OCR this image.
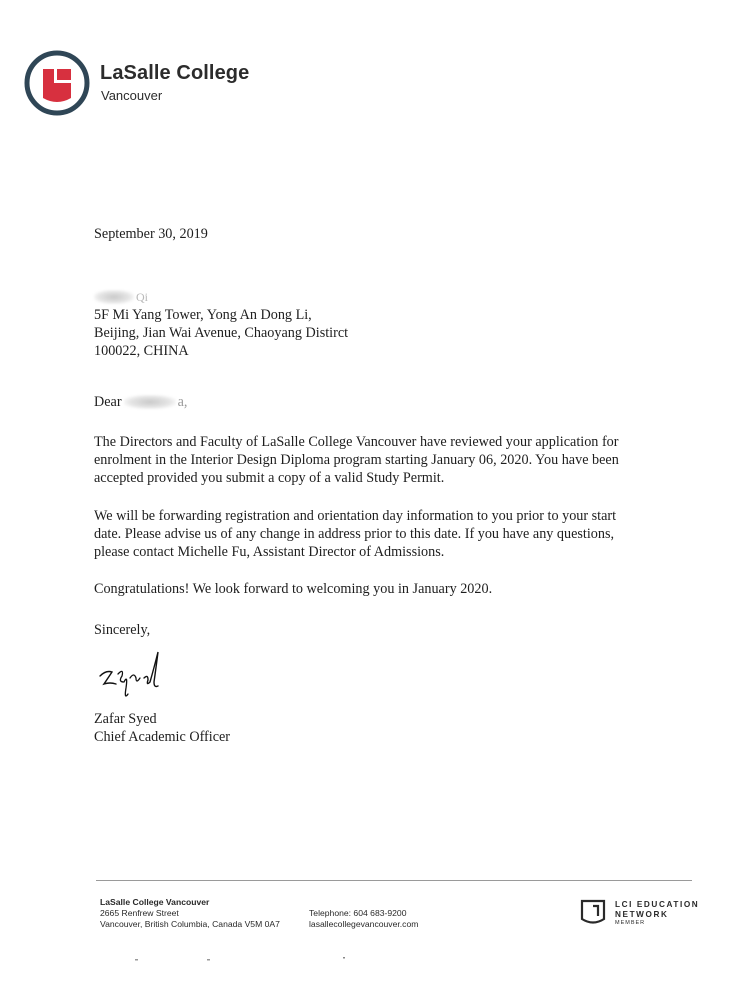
LaSalle College
Vancouver
September 30, 2019
Qi
5F Mi Yang Tower, Yong An Dong Li,
Beijing, Jian Wai Avenue, Chaoyang Distirct
100022, CHINA
Dear	a,
The Directors and Faculty of LaSalle College Vancouver have reviewed your application for
enrolment in the Interior Design Diploma program starting January 06, 2020. You have been
accepted provided you submit a copy of a valid Study Permit.
We will be forwarding registration and orientation day information to you prior to your start
date. Please advise us of any change in address prior to this date. If you have any questions,
please contact Michelle Fu, Assistant Director of Admissions.
Congratulations! We look forward to welcoming you in January 2020.
Sincerely,
Zafar Syed
Chief Academic Officer
LaSalle College Vancouver
2665 Renfrew Street
Vancouver, British Columbia, Canada V5M 0A7
Telephone: 604 683-9200
lasallecollegevancouver.com
LCI EDUCATION
NETWORK
MEMBER
